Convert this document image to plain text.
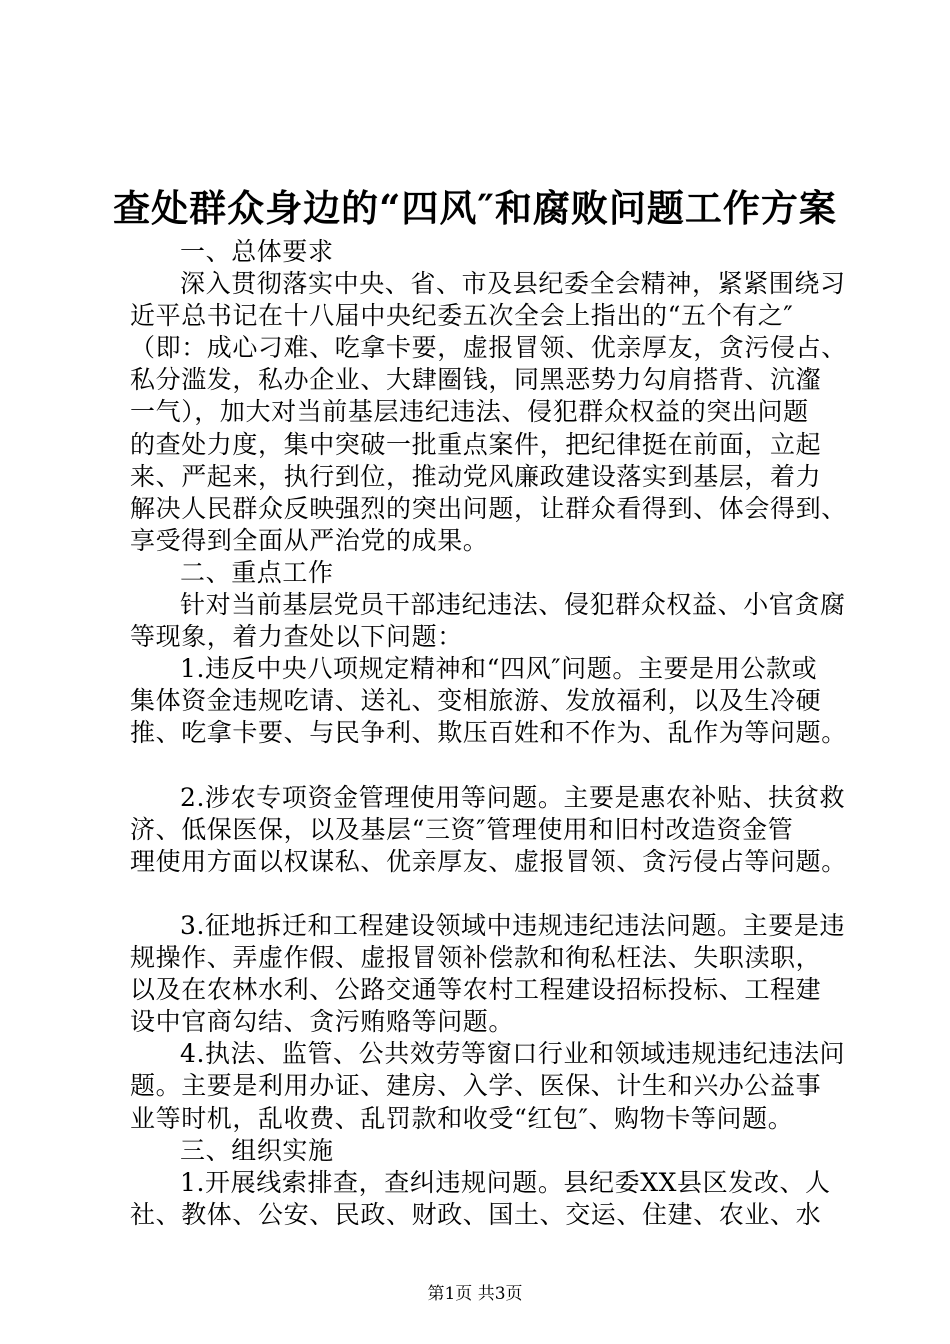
查处群众身边的“四风″和腐败问题工作方案
一、总体要求
深入贯彻落实中央、省、市及县纪委全会精神，紧紧围绕习
近平总书记在十八届中央纪委五次全会上指出的“五个有之″
（即：成心刁难、吃拿卡要，虚报冒领、优亲厚友，贪污侵占、
私分滥发，私办企业、大肆圈钱，同黑恶势力勾肩搭背、沆瀣
一气），加大对当前基层违纪违法、侵犯群众权益的突出问题
的查处力度，集中突破一批重点案件，把纪律挺在前面，立起
来、严起来，执行到位，推动党风廉政建设落实到基层，着力
解决人民群众反映强烈的突出问题，让群众看得到、体会得到、
享受得到全面从严治党的成果。
二、重点工作
针对当前基层党员干部违纪违法、侵犯群众权益、小官贪腐
等现象，着力查处以下问题：
1.违反中央八项规定精神和“四风″问题。主要是用公款或
集体资金违规吃请、送礼、变相旅游、发放福利，以及生冷硬
推、吃拿卡要、与民争利、欺压百姓和不作为、乱作为等问题。
2.涉农专项资金管理使用等问题。主要是惠农补贴、扶贫救
济、低保医保，以及基层“三资″管理使用和旧村改造资金管
理使用方面以权谋私、优亲厚友、虚报冒领、贪污侵占等问题。
3.征地拆迁和工程建设领域中违规违纪违法问题。主要是违
规操作、弄虚作假、虚报冒领补偿款和徇私枉法、失职渎职，
以及在农林水利、公路交通等农村工程建设招标投标、工程建
设中官商勾结、贪污贿赂等问题。
4.执法、监管、公共效劳等窗口行业和领域违规违纪违法问
题。主要是利用办证、建房、入学、医保、计生和兴办公益事
业等时机，乱收费、乱罚款和收受“红包″、购物卡等问题。
三、组织实施
1.开展线索排查，查纠违规问题。县纪委XX县区发改、人
社、教体、公安、民政、财政、国土、交运、住建、农业、水
第1页 共3页
